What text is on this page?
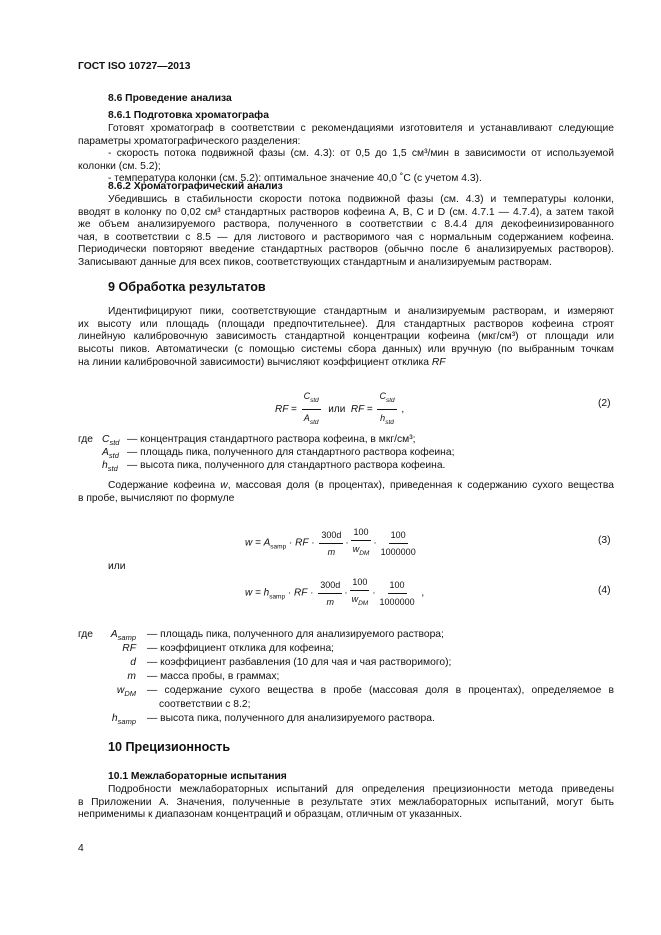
ГОСТ ISO 10727—2013
8.6 Проведение анализа
8.6.1 Подготовка хроматографа
Готовят хроматограф в соответствии с рекомендациями изготовителя и устанавливают следующие
параметры хроматографического разделения:
- скорость потока подвижной фазы (см. 4.3): от 0,5 до 1,5 см³/мин в зависимости от используемой
колонки (см. 5.2);
- температура колонки (см. 5.2): оптимальное значение 40,0 ˚С (с учетом 4.3).
8.6.2 Хроматографический анализ
Убедившись в стабильности скорости потока подвижной фазы (см. 4.3) и температуры колонки,
вводят в колонку по 0,02 см³ стандартных растворов кофеина A, B, C и D (см. 4.7.1 — 4.7.4), а затем такой
же объем анализируемого раствора, полученного в соответствии с 8.4.4 для декофеинизированного
чая, в соответствии с 8.5 — для листового и растворимого чая с нормальным содержанием кофеина.
Периодически повторяют введение стандартных растворов (обычно после 6 анализируемых растворов).
Записывают данные для всех пиков, соответствующих стандартным и анализируемым растворам.
9 Обработка результатов
Идентифицируют пики, соответствующие стандартным и анализируемым растворам, и измеряют
их высоту или площадь (площади предпочтительнее). Для стандартных растворов кофеина строят
линейную калибровочную зависимость стандартной концентрации кофеина (мкг/см³) от площади или
высоты пиков. Автоматически (с помощью системы сбора данных) или вручную (по выбранным точкам
на линии калибровочной зависимости) вычисляют коэффициент отклика RF
RF = $\frac{C_{std}}{A_{std}}$ или RF = $\frac{C_{std}}{h_{std}}$ ,
(2)
где $C_{std}$ — концентрация стандартного раствора кофеина, в мкг/см³;
$A_{std}$ — площадь пика, полученного для стандартного раствора кофеина;
$h_{std}$ — высота пика, полученного для стандартного раствора кофеина.
Содержание кофеина w, массовая доля (в процентах), приведенная к содержанию сухого вещества
в пробе, вычисляют по формуле
$w = A_{samp}$ · RF · $\frac{300d}{m} \cdot \frac{100}{w_{DM}} \cdot \frac{100}{1000000}$	(3)
или
$w = h_{samp}$ · RF · $\frac{300d}{m} \cdot \frac{100}{w_{DM}} \cdot \frac{100}{1000000}$ ,	(4)
где	$A_{samp}$ — площадь пика, полученного для анализируемого раствора;
RF — коэффициент отклика для кофеина;
d — коэффициент разбавления (10 для чая и чая растворимого);
m — масса пробы, в граммах;
$w_{DM}$ — содержание сухого вещества в пробе (массовая доля в процентах), определяемое в
соответствии с 8.2;
$h_{samp}$ — высота пика, полученного для анализируемого раствора.
10 Прецизионность
10.1 Межлабораторные испытания
Подробности межлабораторных испытаний для определения прецизионности метода приведены
в Приложении А. Значения, полученные в результате этих межлабораторных испытаний, могут быть
неприменимы к диапазонам концентраций и образцам, отличным от указанных.
4
